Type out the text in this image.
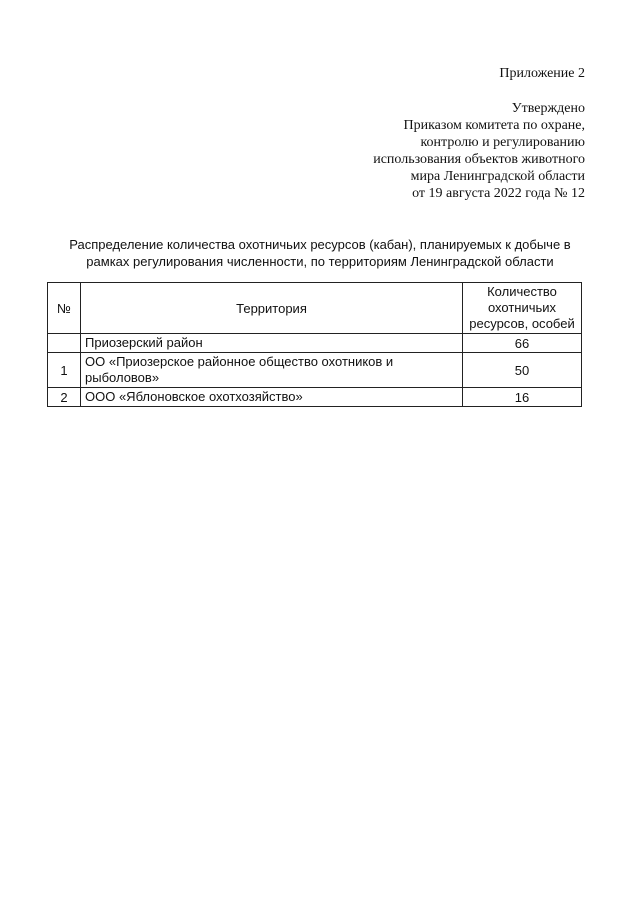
Приложение 2
Утверждено
Приказом комитета по охране,
контролю и регулированию
использования объектов животного
мира Ленинградской области
от 19 августа 2022 года № 12
Распределение количества охотничьих ресурсов (кабан), планируемых к добыче в
рамках регулирования численности, по территориям Ленинградской области
№	Территория	Количество
охотничьих
ресурсов, особей

	Приозерский район	66
1	ОО «Приозерское районное общество охотников и рыболовов»	50
2	ООО «Яблоновское охотхозяйство»	16
